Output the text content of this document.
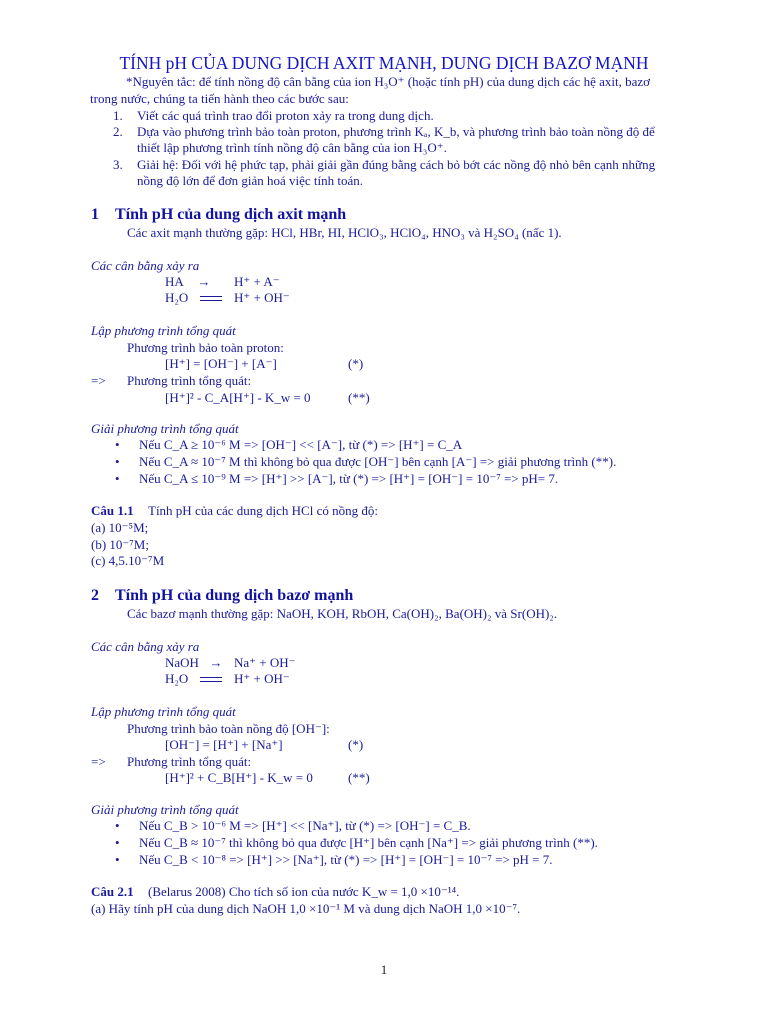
TÍNH pH CỦA DUNG DỊCH AXIT MẠNH, DUNG DỊCH BAZƠ MẠNH
*Nguyên tắc: để tính nồng độ cân bằng của ion H₃O⁺ (hoặc tính pH) của dung dịch các hệ axit, bazơ
trong nước, chúng ta tiến hành theo các bước sau:
1. Viết các quá trình trao đổi proton xảy ra trong dung dịch.
2. Dựa vào phương trình bảo toàn proton, phương trình Kₐ, K_b, và phương trình bảo toàn nồng độ để
thiết lập phương trình tính nồng độ cân bằng của ion H₃O⁺.
3. Giải hệ: Đối với hệ phức tạp, phải giải gần đúng bằng cách bỏ bớt các nồng độ nhỏ bên cạnh những
nồng độ lớn để đơn giản hoá việc tính toán.
1 Tính pH của dung dịch axit mạnh
Các axit mạnh thường gặp: HCl, HBr, HI, HClO₃, HClO₄, HNO₃ và H₂SO₄ (nấc 1).
Các cân bằng xảy ra
HA → H⁺ + A⁻
H₂O	H⁺ + OH⁻
Lập phương trình tổng quát
Phương trình bảo toàn proton:
[H⁺] = [OH⁻] + [A⁻]	(*)
=> Phương trình tổng quát:
[H⁺]² - C_A[H⁺] - K_w = 0	(**)
Giải phương trình tổng quát
• Nếu C_A ≥ 10⁻⁶ M => [OH⁻] << [A⁻], từ (*) => [H⁺] = C_A
• Nếu C_A ≈ 10⁻⁷ M thì không bỏ qua được [OH⁻] bên cạnh [A⁻] => giải phương trình (**).
• Nếu C_A ≤ 10⁻⁹ M => [H⁺] >> [A⁻], từ (*) => [H⁺] = [OH⁻] = 10⁻⁷ => pH= 7.
Câu 1.1 Tính pH của các dung dịch HCl có nồng độ:
(a) 10⁻⁵M;
(b) 10⁻⁷M;
(c) 4,5.10⁻⁷M
2 Tính pH của dung dịch bazơ mạnh
Các bazơ mạnh thường gặp: NaOH, KOH, RbOH, Ca(OH)₂, Ba(OH)₂ và Sr(OH)₂.
Các cân bằng xảy ra
NaOH → Na⁺ + OH⁻
H₂O	H⁺ + OH⁻
Lập phương trình tổng quát
Phương trình bảo toàn nồng độ [OH⁻]:
[OH⁻] = [H⁺] + [Na⁺]	(*)
=> Phương trình tổng quát:
[H⁺]² + C_B[H⁺] - K_w = 0	(**)
Giải phương trình tổng quát
• Nếu C_B > 10⁻⁶ M => [H⁺] << [Na⁺], từ (*) => [OH⁻] = C_B.
• Nếu C_B ≈ 10⁻⁷ thì không bỏ qua được [H⁺] bên cạnh [Na⁺] => giải phương trình (**).
• Nếu C_B < 10⁻⁸ => [H⁺] >> [Na⁺], từ (*) => [H⁺] = [OH⁻] = 10⁻⁷ => pH = 7.
Câu 2.1 (Belarus 2008) Cho tích số ion của nước K_w = 1,0 ×10⁻¹⁴.
(a) Hãy tính pH của dung dịch NaOH 1,0 ×10⁻¹ M và dung dịch NaOH 1,0 ×10⁻⁷.
1
